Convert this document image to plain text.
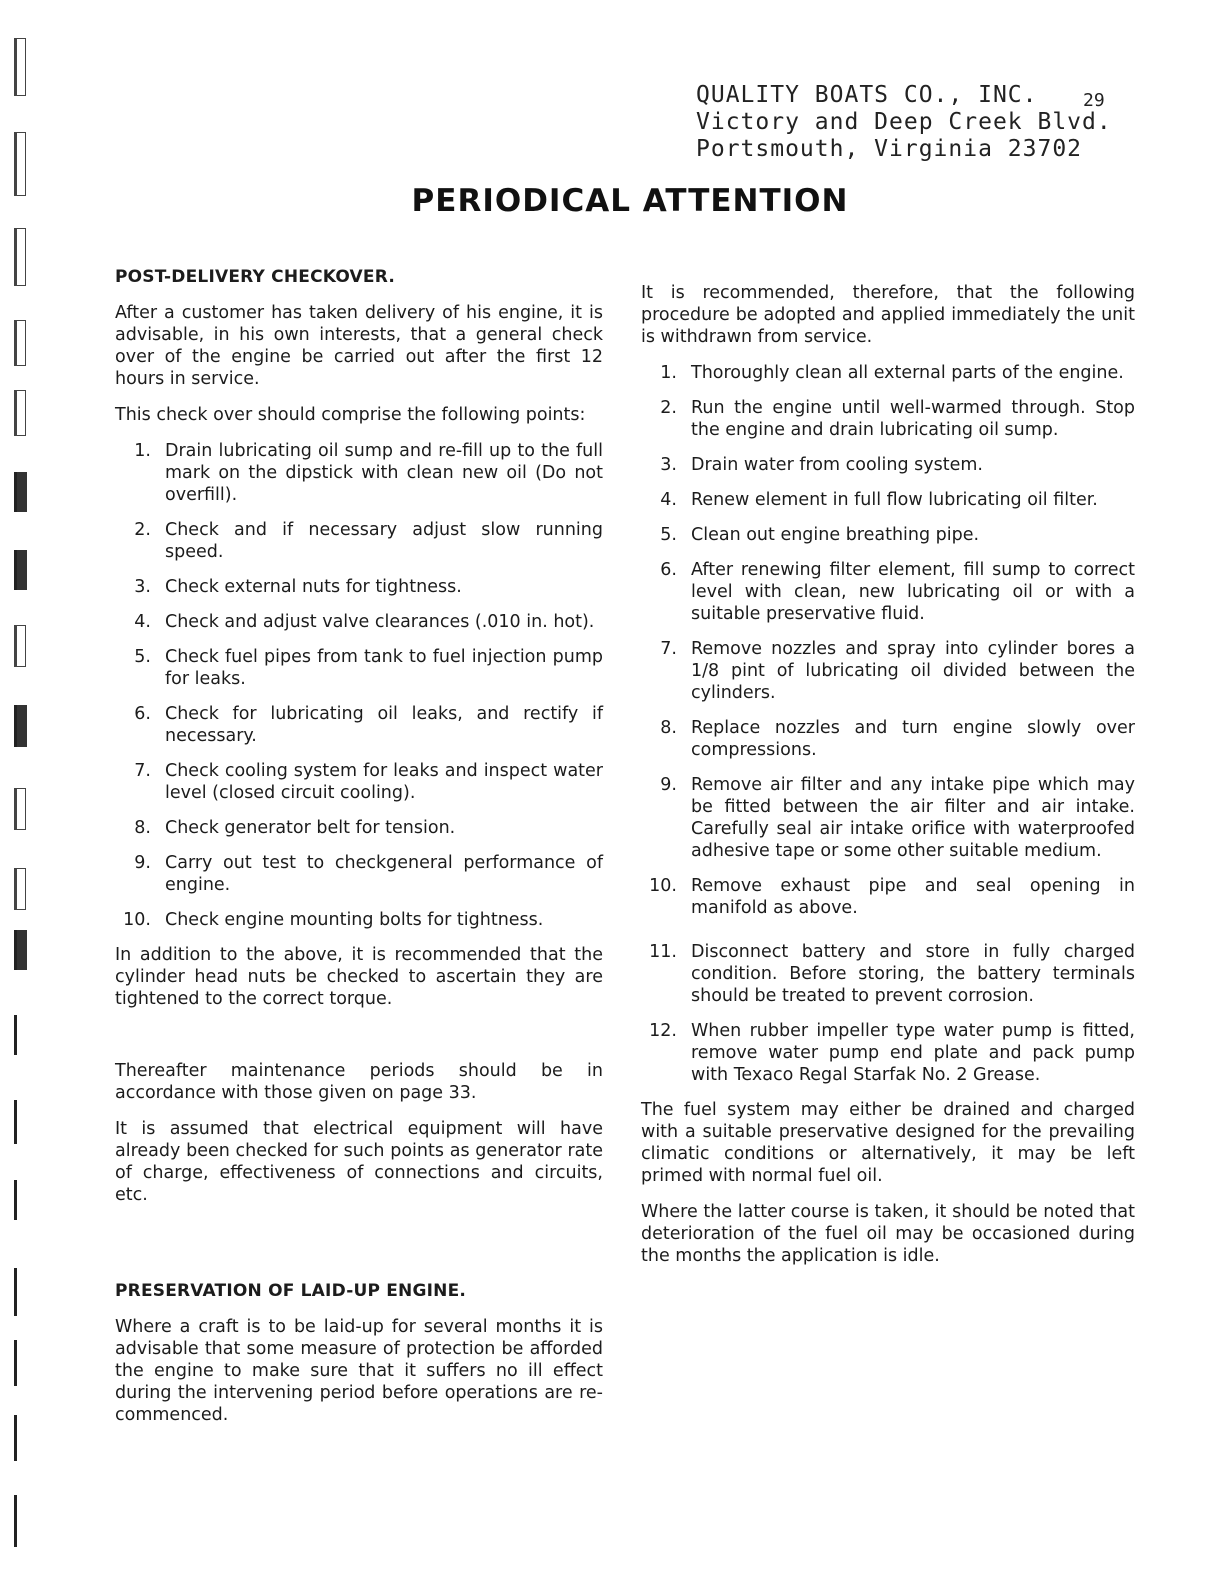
QUALITY BOATS CO., INC.
Victory and Deep Creek Blvd.
Portsmouth, Virginia 23702
29
PERIODICAL ATTENTION
POST-DELIVERY CHECKOVER.

After a customer has taken delivery of his engine, it is advisable, in his own interests, that a general check over of the engine be carried out after the first 12 hours in service.

This check over should comprise the following points:

1. Drain lubricating oil sump and re-fill up to the full mark on the dipstick with clean new oil (Do not overfill).
2. Check and if necessary adjust slow running speed.
3. Check external nuts for tightness.
4. Check and adjust valve clearances (.010 in. hot).
5. Check fuel pipes from tank to fuel injection pump for leaks.
6. Check for lubricating oil leaks, and rectify if necessary.
7. Check cooling system for leaks and inspect water level (closed circuit cooling).
8. Check generator belt for tension.
9. Carry out test to checkgeneral performance of engine.
10. Check engine mounting bolts for tightness.

In addition to the above, it is recommended that the cylinder head nuts be checked to ascertain they are tightened to the correct torque.

Thereafter maintenance periods should be in accordance with those given on page 33.

It is assumed that electrical equipment will have already been checked for such points as generator rate of charge, effectiveness of connections and circuits, etc.

PRESERVATION OF LAID-UP ENGINE.

Where a craft is to be laid-up for several months it is advisable that some measure of protection be afforded the engine to make sure that it suffers no ill effect during the intervening period before operations are re-commenced.

It is recommended, therefore, that the following procedure be adopted and applied immediately the unit is withdrawn from service.

1. Thoroughly clean all external parts of the engine.
2. Run the engine until well-warmed through. Stop the engine and drain lubricating oil sump.
3. Drain water from cooling system.
4. Renew element in full flow lubricating oil filter.
5. Clean out engine breathing pipe.
6. After renewing filter element, fill sump to correct level with clean, new lubricating oil or with a suitable preservative fluid.
7. Remove nozzles and spray into cylinder bores a 1/8 pint of lubricating oil divided between the cylinders.
8. Replace nozzles and turn engine slowly over compressions.
9. Remove air filter and any intake pipe which may be fitted between the air filter and air intake. Carefully seal air intake orifice with waterproofed adhesive tape or some other suitable medium.
10. Remove exhaust pipe and seal opening in manifold as above.
11. Disconnect battery and store in fully charged condition. Before storing, the battery terminals should be treated to prevent corrosion.
12. When rubber impeller type water pump is fitted, remove water pump end plate and pack pump with Texaco Regal Starfak No. 2 Grease.

The fuel system may either be drained and charged with a suitable preservative designed for the prevailing climatic conditions or alternatively, it may be left primed with normal fuel oil.

Where the latter course is taken, it should be noted that deterioration of the fuel oil may be occasioned during the months the application is idle.
